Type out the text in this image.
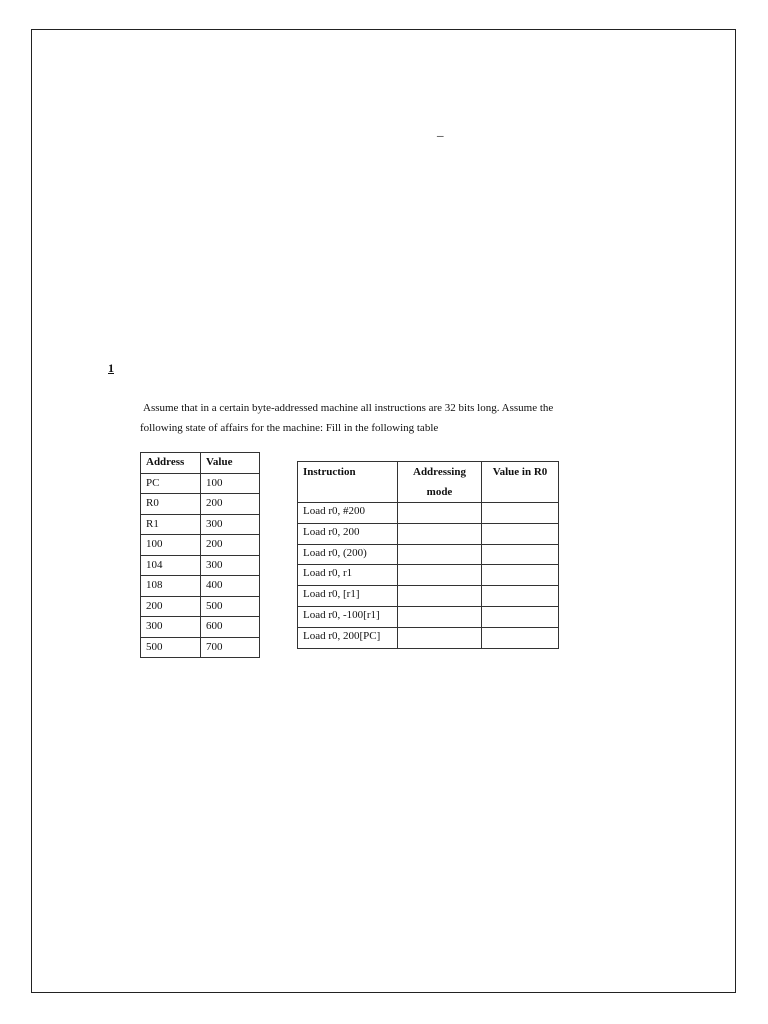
_
1
Assume that in a certain byte-addressed machine all instructions are 32 bits long. Assume the
following state of affairs for the machine: Fill in the following table
Address	Value
PC	100
R0	200
R1	300
100	200
104	300
108	400
200	500
300	600
500	700
Instruction	Addressing mode	Value in R0
Load r0, #200		
Load r0, 200		
Load r0, (200)		
Load r0, r1		
Load r0, [r1]		
Load r0, -100[r1]		
Load r0, 200[PC]		
